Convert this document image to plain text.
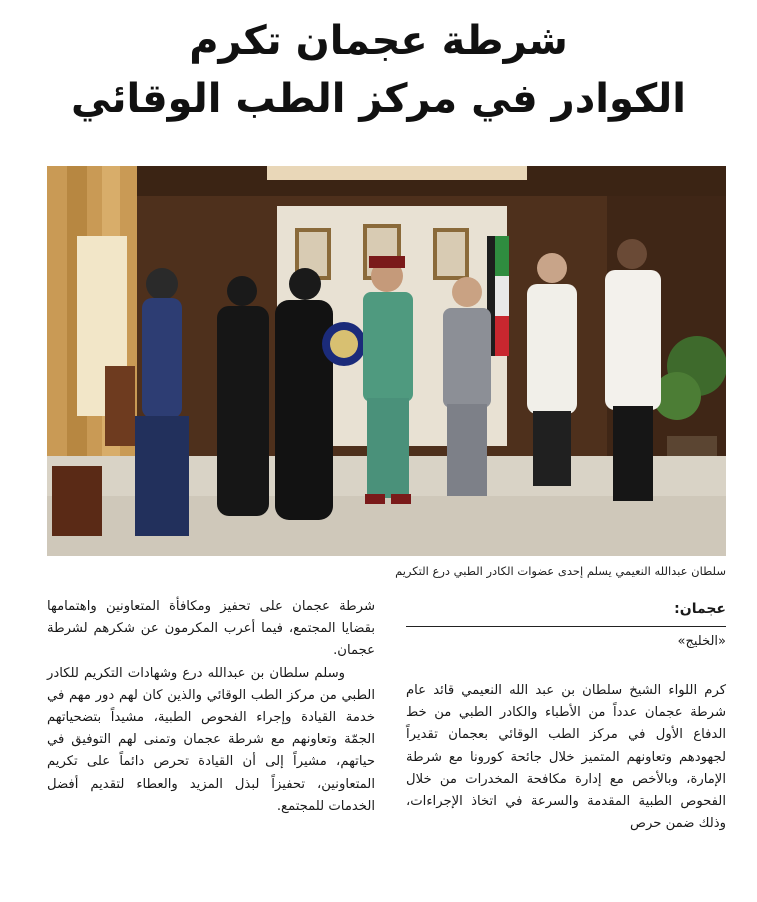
شرطة عجمان تكرم
الكوادر في مركز الطب الوقائي
سلطان عبدالله النعيمي يسلم إحدى عضوات الكادر الطبي درع التكريم
عجمان:
«الخليج»

كرم اللواء الشيخ سلطان بن عبد الله النعيمي قائد عام شرطة عجمان عدداً من الأطباء والكادر الطبي من خط الدفاع الأول في مركز الطب الوقائي بعجمان تقديراً لجهودهم وتعاونهم المتميز خلال جائحة كورونا مع شرطة الإمارة، وبالأخص مع إدارة مكافحة المخدرات من خلال الفحوص الطبية المقدمة والسرعة في اتخاذ الإجراءات، وذلك ضمن حرص

شرطة عجمان على تحفيز ومكافأة المتعاونين واهتمامها بقضايا المجتمع، فيما أعرب المكرمون عن شكرهم لشرطة عجمان.

وسلم سلطان بن عبدالله درع وشهادات التكريم للكادر الطبي من مركز الطب الوقائي والذين كان لهم دور مهم في خدمة القيادة وإجراء الفحوص الطبية، مشيداً بتضحياتهم الجمّة وتعاونهم مع شرطة عجمان وتمنى لهم التوفيق في حياتهم، مشيراً إلى أن القيادة تحرص دائماً على تكريم المتعاونين، تحفيزاً لبذل المزيد والعطاء لتقديم أفضل الخدمات للمجتمع.
